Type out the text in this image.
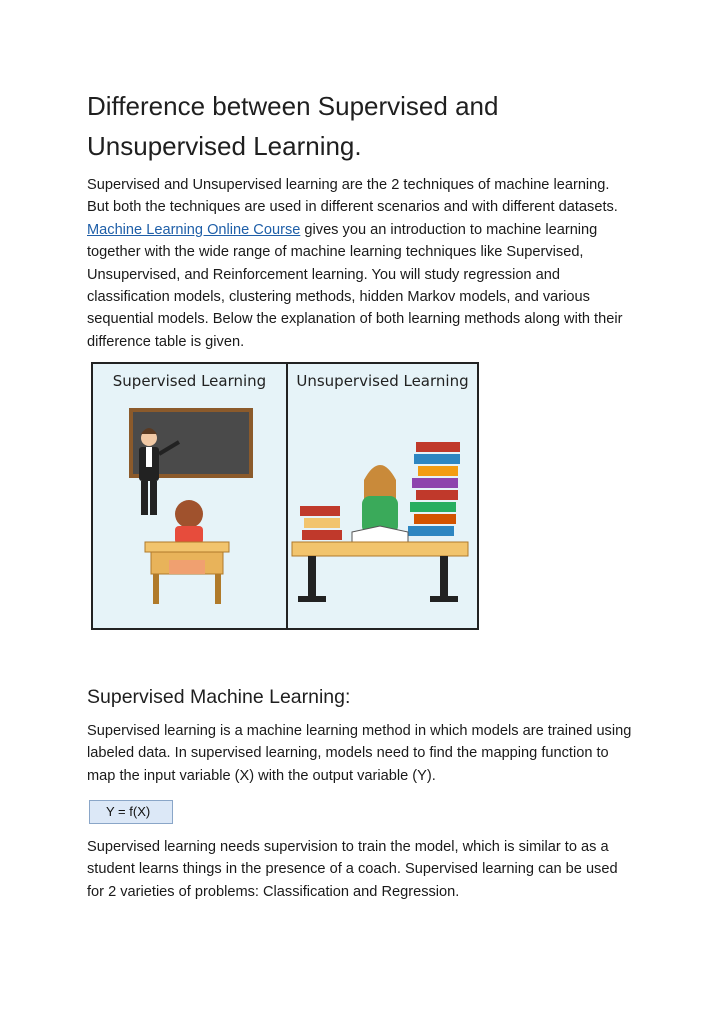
Difference between Supervised and Unsupervised Learning.

Supervised and Unsupervised learning are the 2 techniques of machine learning. But both the techniques are used in different scenarios and with different datasets. Machine Learning Online Course gives you an introduction to machine learning together with the wide range of machine learning techniques like Supervised, Unsupervised, and Reinforcement learning. You will study regression and classification models, clustering methods, hidden Markov models, and various sequential models. Below the explanation of both learning methods along with their difference table is given.

Supervised Learning	Unsupervised Learning
Supervised Machine Learning:

Supervised learning is a machine learning method in which models are trained using labeled data. In supervised learning, models need to find the mapping function to map the input variable (X) with the output variable (Y).

Y = f(X)

Supervised learning needs supervision to train the model, which is similar to as a student learns things in the presence of a coach. Supervised learning can be used for 2 varieties of problems: Classification and Regression.
